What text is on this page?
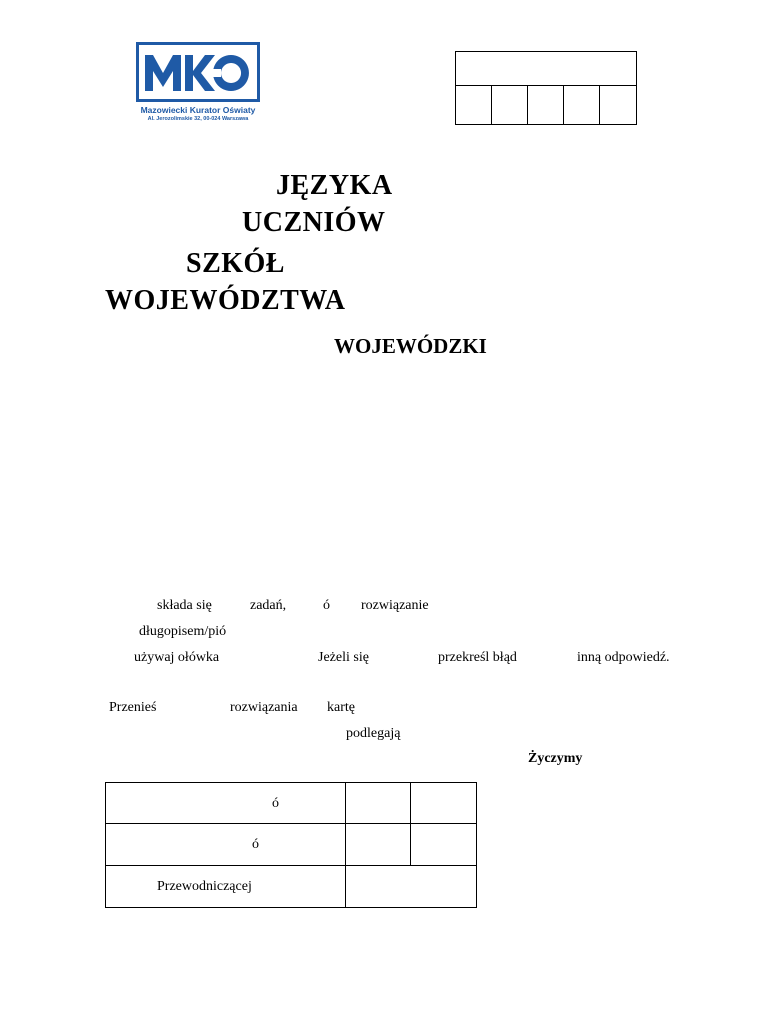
Mazowiecki Kurator Oświaty
Al. Jerozolimskie 32, 00-024 Warszawa
JĘZYKA
UCZNIÓW
SZKÓŁ
WOJEWÓDZTWA
WOJEWÓDZKI
składa się	zadań,	ó rozwiązanie
długopisem/pió
używaj ołówka	Jeżeli się	przekreśl błąd	inną odpowiedź.
Przenieś	rozwiązania kartę
podlegają
Życzymy
ó
ó
Przewodniczącej
